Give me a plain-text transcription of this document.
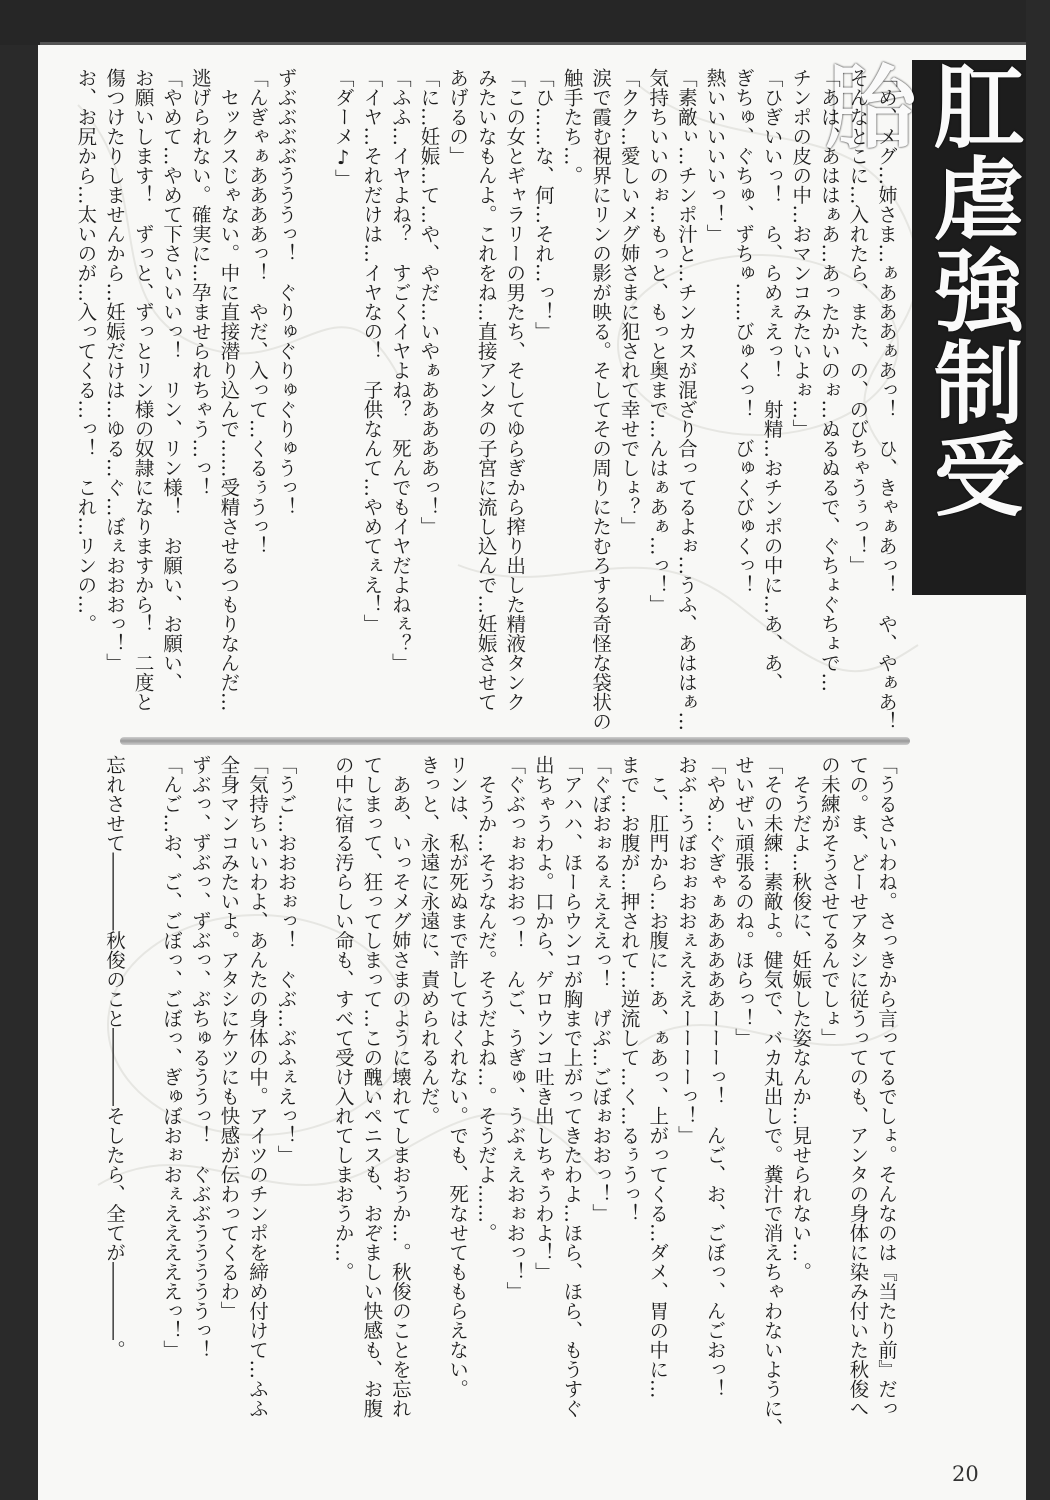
肛虐強制受胎
「め、メグ…姉さま…ぁあああぁあっ！　ひ、きゃぁあっ！　や、やぁあ！
そんなとこに…入れたら、また、の、のびちゃうぅっ！」
「あは、あははぁあ…あったかいのぉ…ぬるぬるで、ぐちょぐちょで…
チンポの皮の中…おマンコみたいよぉ…」
「ひぎいいっ！　ら、らめぇえっ！　射精…おチンポの中に…あ、あ、
ぎちゅ、ぐちゅ、ずちゅ……びゅくっ！　びゅくびゅくっ！
熱いいいいいっ！」
「素敵ぃ…チンポ汁と…チンカスが混ざり合ってるよぉ…うふ、あははぁ…
気持ちいいのぉ…もっと、もっと奥まで…んはぁあぁ…っ！」
「クク…愛しいメグ姉さまに犯されて幸せでしょ？」
涙で霞む視界にリンの影が映る。そしてその周りにたむろする奇怪な袋状の
触手たち…。
「ひ……な、何…それ…っ！」
「この女とギャラリーの男たち、そしてゆらぎから搾り出した精液タンク
みたいなもんよ。これをね…直接アンタの子宮に流し込んで…妊娠させて
あげるの」
「に…妊娠…て…や、やだ…いやぁあああああっ！」
「ふふ…イヤよね？　すごくイヤよね？　死んでもイヤだよねぇ？」
「イヤ…それだけは…イヤなの！　子供なんて…やめてぇえ！」
「ダーメ♪」

ずぶぶぶぶうううっ！　ぐりゅぐりゅぐりゅうっ！
「んぎゃぁああああっ！　やだ、入って…くるぅうっ！
　セックスじゃない。中に直接潜り込んで……受精させるつもりなんだ…
逃げられない。確実に…孕ませられちゃう…っ！
「やめて…やめて下さいいいっ！　リン、リン様！　お願い、お願い、
お願いします！　ずっと、ずっとリン様の奴隷になりますから！　二度と
傷つけたりしませんから…妊娠だけは…ゆる…ぐ…ぼぇおおおっ！」
お、お尻から…太いのが…入ってくる…っ！　これ…リンの…。
「うるさいわね。さっきから言ってるでしょ。そんなのは『当たり前』だっ
ての。ま、どーせアタシに従うってのも、アンタの身体に染み付いた秋俊へ
の未練がそうさせてるんでしょ」
　そうだよ…秋俊に、妊娠した姿なんか…見せられない…。
「その未練…素敵よ。健気で、バカ丸出しで。糞汁で消えちゃわないように、
せいぜい頑張るのね。ほらっ！」
「やめ…ぐぎゃぁあああああーーーっ！　んご、お、ごぼっ、んごおっ！
おぶ…うぼおぉおおぇえええーーーーっ！」
　こ、肛門から…お腹に…あ、ぁあっ、上がってくる…ダメ、胃の中に…
まで…お腹が…押されて…逆流して…く…るぅうっ！
「ぐぼおぉるぇえええっ！　げぶ…ごぼぉおおっ！」
「アハハ、ほーらウンコが胸まで上がってきたわよ…ほら、ほら、もうすぐ
出ちゃうわよ。口から、ゲロウンコ吐き出しちゃうわよ！」
「ぐぶっぉおおおっ！　んご、うぎゅ、うぶぇえおぉおっ！」
　そうか…そうなんだ。そうだよね…。そうだよ……。
リンは、私が死ぬまで許してはくれない。でも、死なせてももらえない。
きっと、永遠に永遠に、責められるんだ。
　ああ、いっそメグ姉さまのように壊れてしまおうか…。秋俊のことを忘れ
てしまって、狂ってしまって…この醜いペニスも、おぞましい快感も、お腹
の中に宿る汚らしい命も、すべて受け入れてしまおうか…。

「うご…おおおぉっ！　ぐぶ…ぶふぇえっ！」
「気持ちいいわよ、あんたの身体の中。アイツのチンポを締め付けて…ふふ
全身マンコみたいよ。アタシにケツにも快感が伝わってくるわ」
ずぶっ、ずぶっ、ずぶっ、ぶちゅるううっ！　ぐぶぶうううううっ！
「んご…お、ご、ごぼっ、ごぼっ、ぎゅぼおぉおぇえええええっ！」

忘れさせて――――秋俊のこと――――そしたら、全てが――――。
20
